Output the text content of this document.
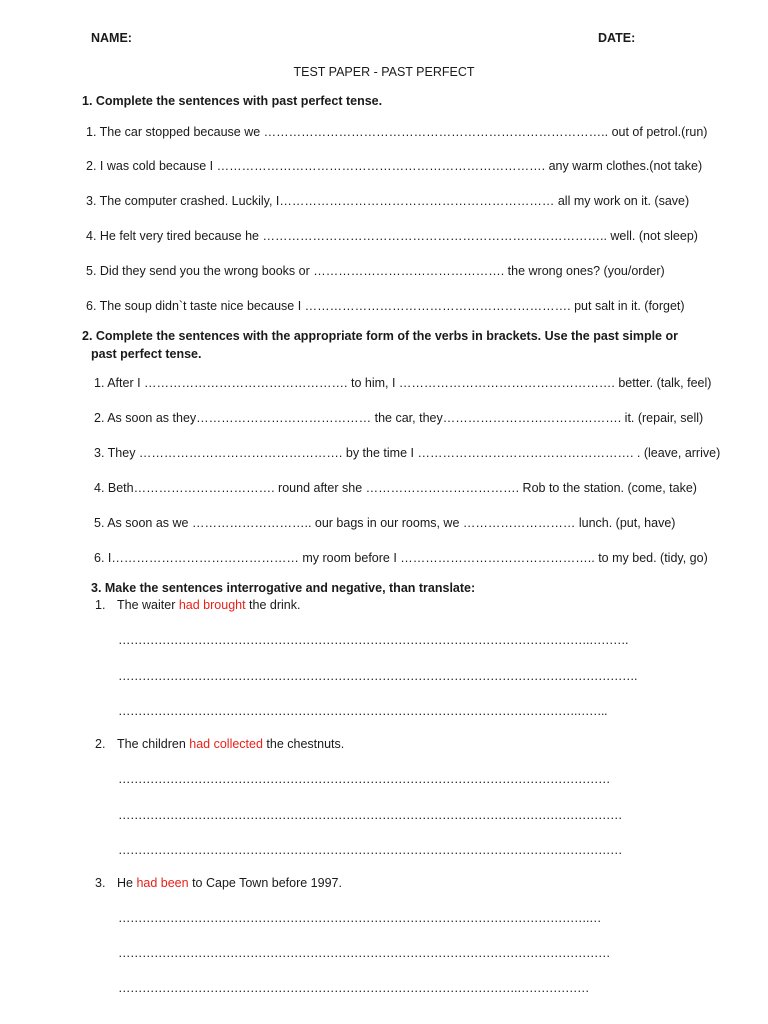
NAME:	DATE:
TEST PAPER - PAST PERFECT
1. Complete the sentences with past perfect tense.
1. The car stopped because we ……………………………………………………………………….. out of petrol.(run)
2. I was cold because I ……………………………………………………………………. any warm clothes.(not take)
3. The computer crashed. Luckily, I………………………………………………………… all my work on it. (save)
4. He felt very tired because he ……………………………………………………………………….. well. (not sleep)
5. Did they send you the wrong books or ………………………………………. the wrong ones? (you/order)
6. The soup didn`t taste nice because I ………………………………………………………. put salt in it. (forget)
2. Complete the sentences with the appropriate form of the verbs in brackets. Use the past simple or
past perfect tense.
1. After I …………………………………………. to him, I ……………………………………………. better. (talk, feel)
2. As soon as they…………………………………… the car, they……………………………………. it. (repair, sell)
3. They …………………………………………. by the time I ……………………………………………. . (leave, arrive)
4. Beth……………………………. round after she ………………………………. Rob to the station. (come, take)
5. As soon as we ……………………….. our bags in our rooms, we ……………………… lunch. (put, have)
6. I……………………………………… my room before I ……………………………………….. to my bed. (tidy, go)
3. Make the sentences interrogative and negative, than translate:
1. The waiter had brought the drink.
……………………………………………………………………………………………………….……….
………………………………………………………………………………………………………………….
…………………………………………………………………………………………………….……..
2. The children had collected the chestnuts.
……………………………………………………………………………………………………………
………………………………………………………………………………………………………………
………………………………………………………………………………………………………………
3. He had been to Cape Town before 1997.
……………………………………………………………………………………………………….…
……………………………………………………………………………………………………………
……………………………………………………………………………………….………………
